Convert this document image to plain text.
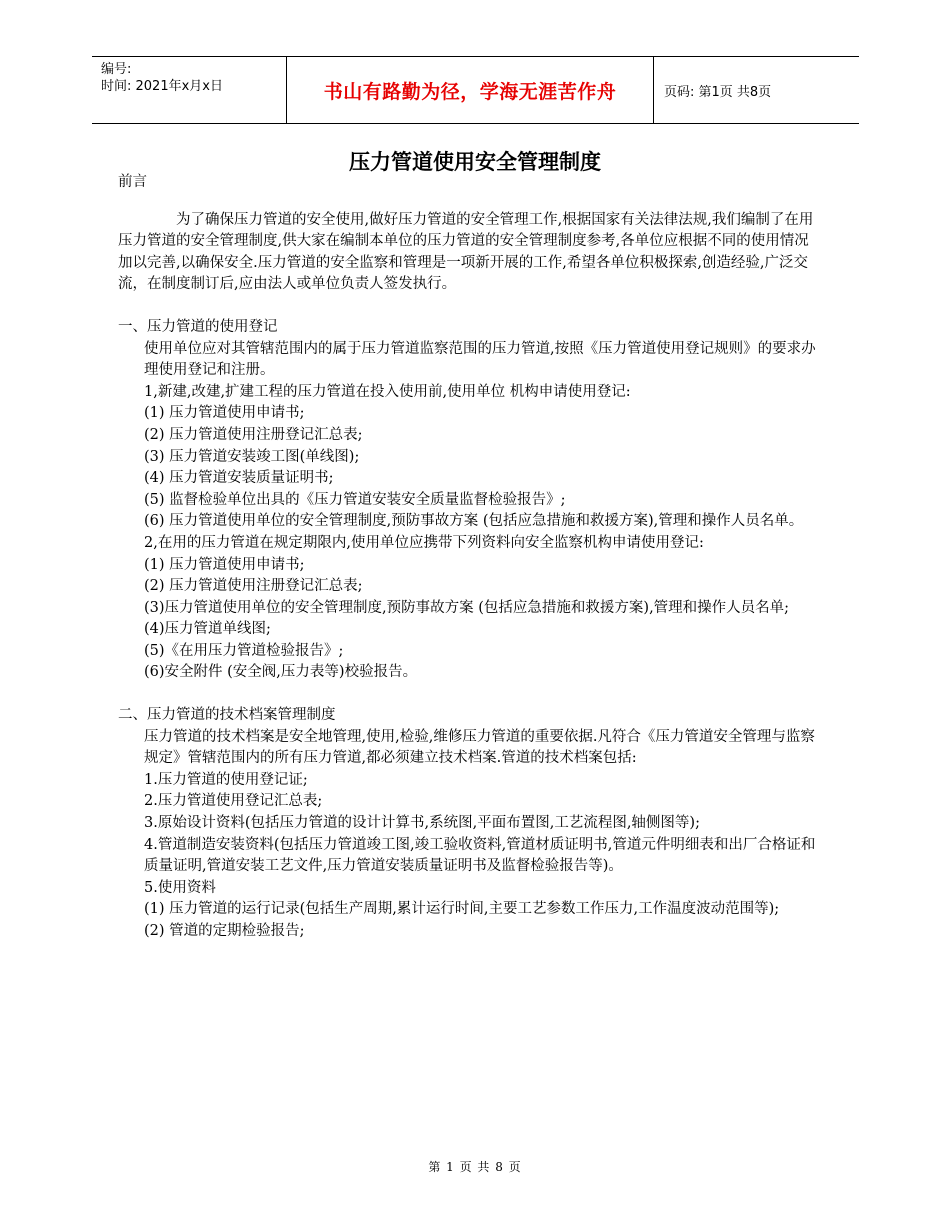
编号:
时间: 2021年x月x日	书山有路勤为径，学海无涯苦作舟	页码: 第1页 共8页
压力管道使用安全管理制度

前言

为了确保压力管道的安全使用,做好压力管道的安全管理工作,根据国家有关法律法规,我们编制了在用压力管道的安全管理制度,供大家在编制本单位的压力管道的安全管理制度参考,各单位应根据不同的使用情况加以完善,以确保安全.压力管道的安全监察和管理是一项新开展的工作,希望各单位积极探索,创造经验,广泛交流，在制度制订后,应由法人或单位负责人签发执行。

一、压力管道的使用登记

使用单位应对其管辖范围内的属于压力管道监察范围的压力管道,按照《压力管道使用登记规则》的要求办理使用登记和注册。

1,新建,改建,扩建工程的压力管道在投入使用前,使用单位 机构申请使用登记:

(1) 压力管道使用申请书;

(2) 压力管道使用注册登记汇总表;

(3) 压力管道安装竣工图(单线图);

(4) 压力管道安装质量证明书;

(5) 监督检验单位出具的《压力管道安装安全质量监督检验报告》;

(6) 压力管道使用单位的安全管理制度,预防事故方案 (包括应急措施和救援方案),管理和操作人员名单。

2,在用的压力管道在规定期限内,使用单位应携带下列资料向安全监察机构申请使用登记:

(1) 压力管道使用申请书;

(2) 压力管道使用注册登记汇总表;

(3)压力管道使用单位的安全管理制度,预防事故方案 (包括应急措施和救援方案),管理和操作人员名单;

(4)压力管道单线图;

(5)《在用压力管道检验报告》;

(6)安全附件 (安全阀,压力表等)校验报告。

二、压力管道的技术档案管理制度

压力管道的技术档案是安全地管理,使用,检验,维修压力管道的重要依据.凡符合《压力管道安全管理与监察规定》管辖范围内的所有压力管道,都必须建立技术档案.管道的技术档案包括:

1.压力管道的使用登记证;

2.压力管道使用登记汇总表;

3.原始设计资料(包括压力管道的设计计算书,系统图,平面布置图,工艺流程图,轴侧图等);

4.管道制造安装资料(包括压力管道竣工图,竣工验收资料,管道材质证明书,管道元件明细表和出厂合格证和质量证明,管道安装工艺文件,压力管道安装质量证明书及监督检验报告等)。

5.使用资料

(1) 压力管道的运行记录(包括生产周期,累计运行时间,主要工艺参数工作压力,工作温度波动范围等);

(2) 管道的定期检验报告;

第 1 页 共 8 页
